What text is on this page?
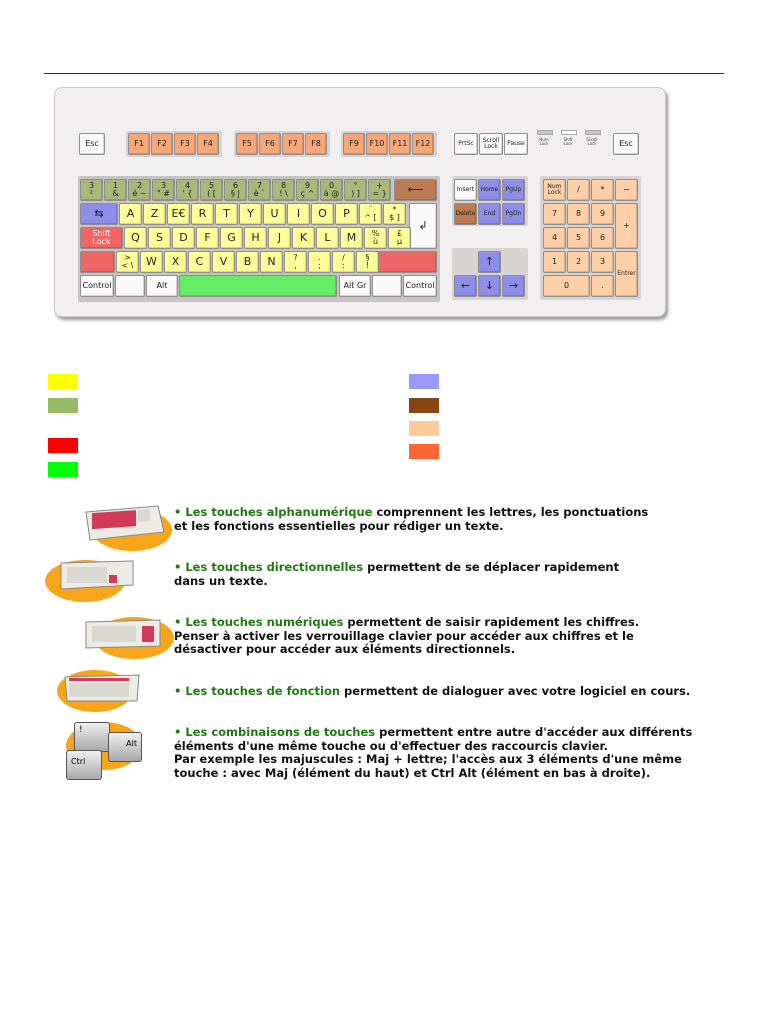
Esc	F1	F2	F3	F4	F5	F6	F7	F8	F9	F10	F11	F12	PrtSc	Scroll
Lock	Pause
Num
Lock
Shift
Lock
Scroll
Lock	Esc
⟵
⇆
↲
Shift
Lock
Control	Alt	Alt Gr	Control
Insert	Home	PgUp
Delete	End	PgDn
↑
←	↓	→
Num
Lock	/	*	−
7	8	9
+
4	5	6
1	2	3
Entrer
0	.
3
²
1
&
2
é ~
3
" #
4
' {
5
( [
6
§ |
7
è `
8
! \
9
ç ^
0
à @
°
) ]
+
= }
A	Z	E€	R	T	Y	U	I	O	P	¨
^ [
*
$ ]
Q	S	D	F	G	H	J	K	L	M	%
ù
£
µ
>
< \	W	X	C	V	B	N	?
,
.
;
/
:
§
!
!
Alt
Ctrl
• Les touches alphanumérique comprennent les lettres, les ponctuations
et les fonctions essentielles pour rédiger un texte.
• Les touches directionnelles permettent de se déplacer rapidement
dans un texte.
• Les touches numériques permettent de saisir rapidement les chiffres.
Penser à activer les verrouillage clavier pour accéder aux chiffres et le
désactiver pour accéder aux éléments directionnels.
• Les touches de fonction permettent de dialoguer avec votre logiciel en cours.
• Les combinaisons de touches permettent entre autre d'accéder aux différents
éléments d'une même touche ou d'effectuer des raccourcis clavier.
Par exemple les majuscules : Maj + lettre; l'accès aux 3 éléments d'une même
touche : avec Maj (élément du haut) et Ctrl Alt (élément en bas à droite).
